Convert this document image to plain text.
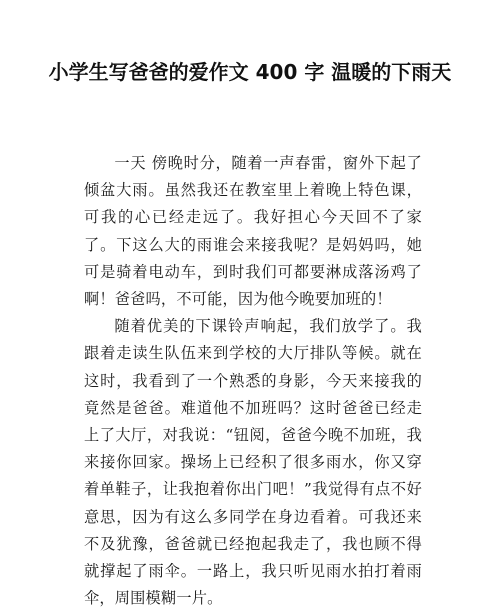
小学生写爸爸的爱作文 400 字 温暖的下雨天

一天 傍晚时分，随着一声春雷，窗外下起了倾盆大雨。虽然我还在教室里上着晚上特色课，可我的心已经走远了。我好担心今天回不了家了。下这么大的雨谁会来接我呢？是妈妈吗，她可是骑着电动车，到时我们可都要淋成落汤鸡了啊！爸爸吗，不可能，因为他今晚要加班的！

随着优美的下课铃声响起，我们放学了。我跟着走读生队伍来到学校的大厅排队等候。就在这时，我看到了一个熟悉的身影，今天来接我的竟然是爸爸。难道他不加班吗？这时爸爸已经走上了大厅，对我说：“钮阅，爸爸今晚不加班，我来接你回家。操场上已经积了很多雨水，你又穿着单鞋子，让我抱着你出门吧！”我觉得有点不好意思，因为有这么多同学在身边看着。可我还来不及犹豫，爸爸就已经抱起我走了，我也顾不得就撑起了雨伞。一路上，我只听见雨水拍打着雨伞，周围模糊一片。
